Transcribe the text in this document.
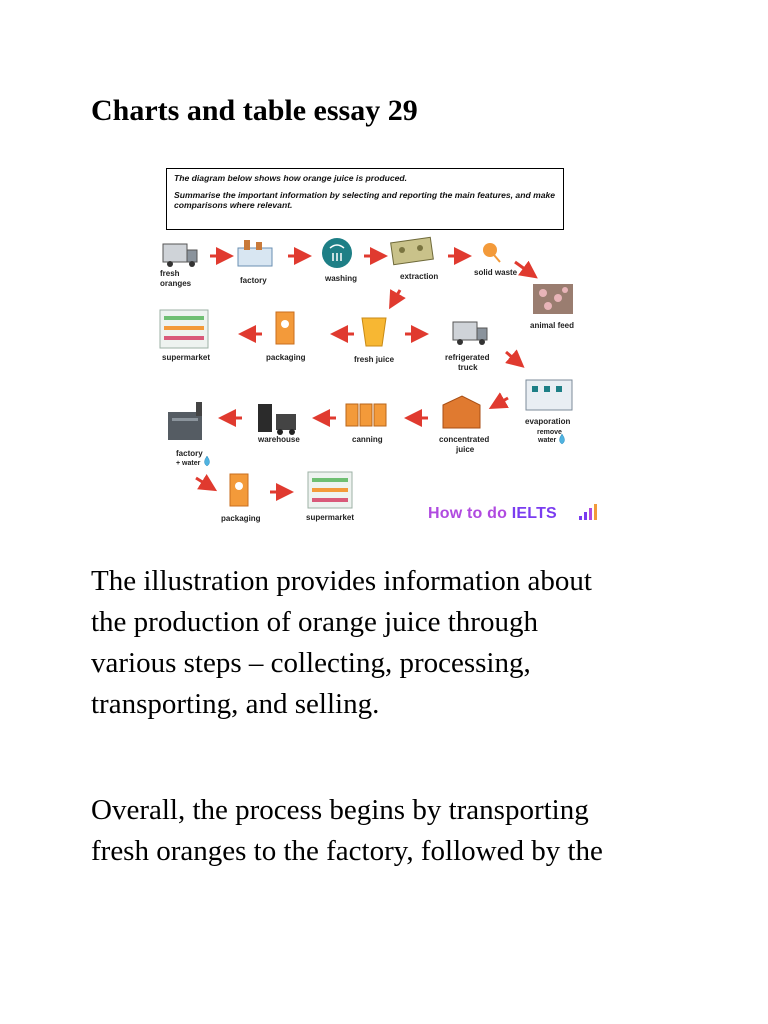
Charts and table essay 29

The diagram below shows how orange juice is produced.

Summarise the important information by selecting and reporting the main features, and make comparisons where relevant.

fresh
oranges	factory	washing	extraction	solid waste
animal feed
supermarket	packaging	fresh juice	refrigerated
truck
evaporation
remove
water
warehouse	canning	concentrated
juice
factory
+ water
packaging	supermarket	How to do IELTS

The illustration provides information about
the production of orange juice through
various steps – collecting, processing,
transporting, and selling.

Overall, the process begins by transporting
fresh oranges to the factory, followed by the
